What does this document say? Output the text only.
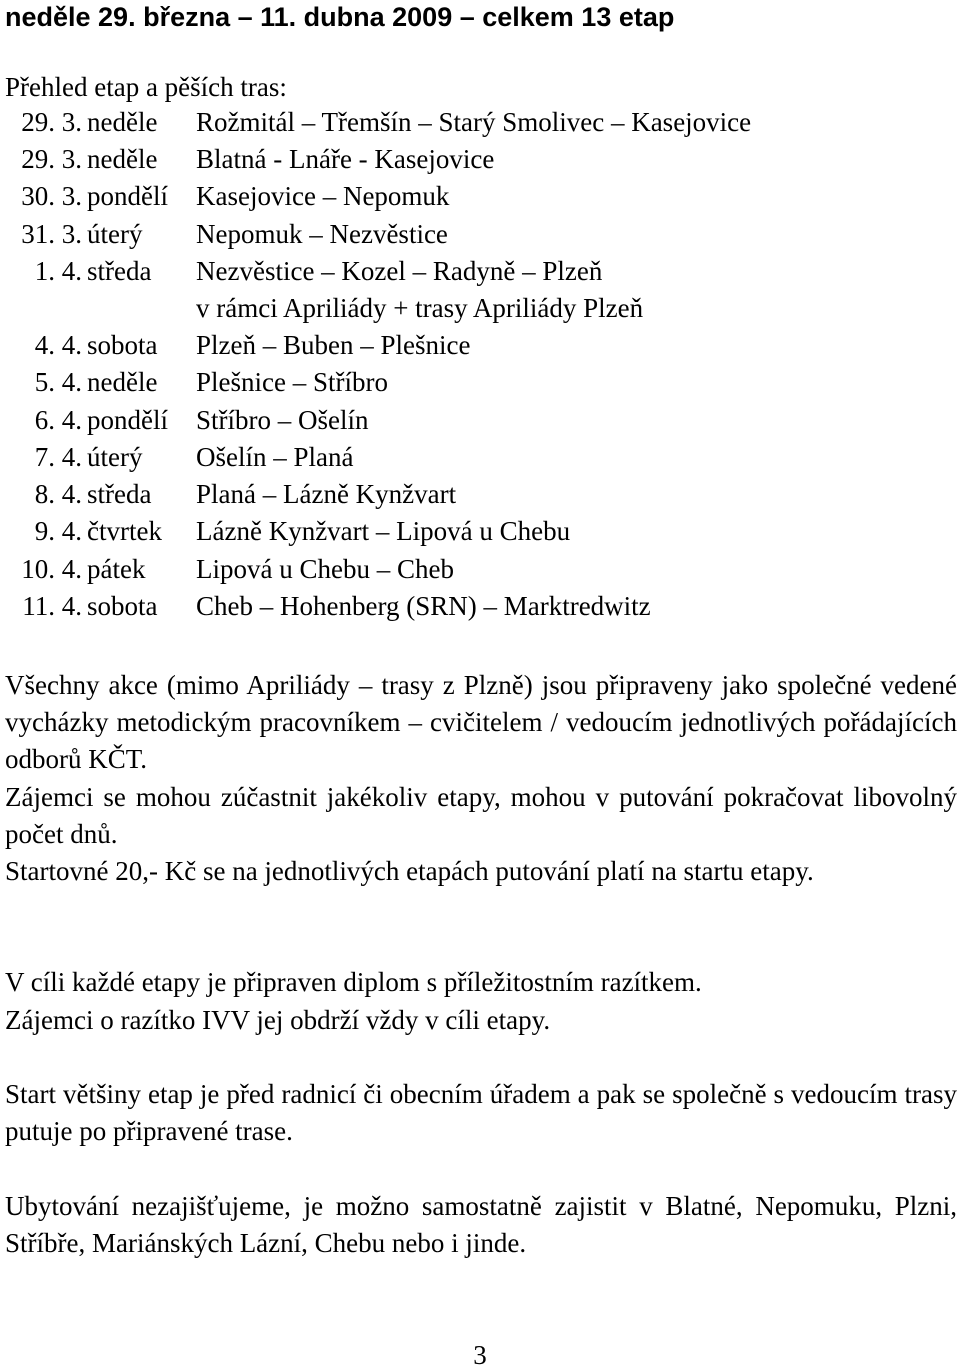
neděle 29. března – 11. dubna 2009 – celkem 13 etap
Přehled etap a pěších tras:
29. 3. neděle Rožmitál – Třemšín – Starý Smolivec – Kasejovice
29. 3. neděle Blatná - Lnáře - Kasejovice
30. 3. pondělí Kasejovice – Nepomuk
31. 3. úterý Nepomuk – Nezvěstice
1. 4. středa Nezvěstice – Kozel – Radyně – Plzeň
v rámci Apriliády + trasy Apriliády Plzeň
4. 4. sobota Plzeň – Buben – Plešnice
5. 4. neděle Plešnice – Stříbro
6. 4. pondělí Stříbro – Ošelín
7. 4. úterý Ošelín – Planá
8. 4. středa Planá – Lázně Kynžvart
9. 4. čtvrtek Lázně Kynžvart – Lipová u Chebu
10. 4. pátek Lipová u Chebu – Cheb
11. 4. sobota Cheb – Hohenberg (SRN) – Marktredwitz
Všechny akce (mimo Apriliády – trasy z Plzně) jsou připraveny jako společné vedené vycházky metodickým pracovníkem – cvičitelem / vedoucím jednotlivých pořádajících odborů KČT.
Zájemci se mohou zúčastnit jakékoliv etapy, mohou v putování pokračovat libovolný počet dnů.
Startovné 20,- Kč se na jednotlivých etapách putování platí na startu etapy.
V cíli každé etapy je připraven diplom s příležitostním razítkem.
Zájemci o razítko IVV jej obdrží vždy v cíli etapy.
Start většiny etap je před radnicí či obecním úřadem a pak se společně s vedoucím trasy putuje po připravené trase.
Ubytování nezajišťujeme, je možno samostatně zajistit v Blatné, Nepomuku, Plzni, Stříbře, Mariánských Lázní, Chebu nebo i jinde.
3
